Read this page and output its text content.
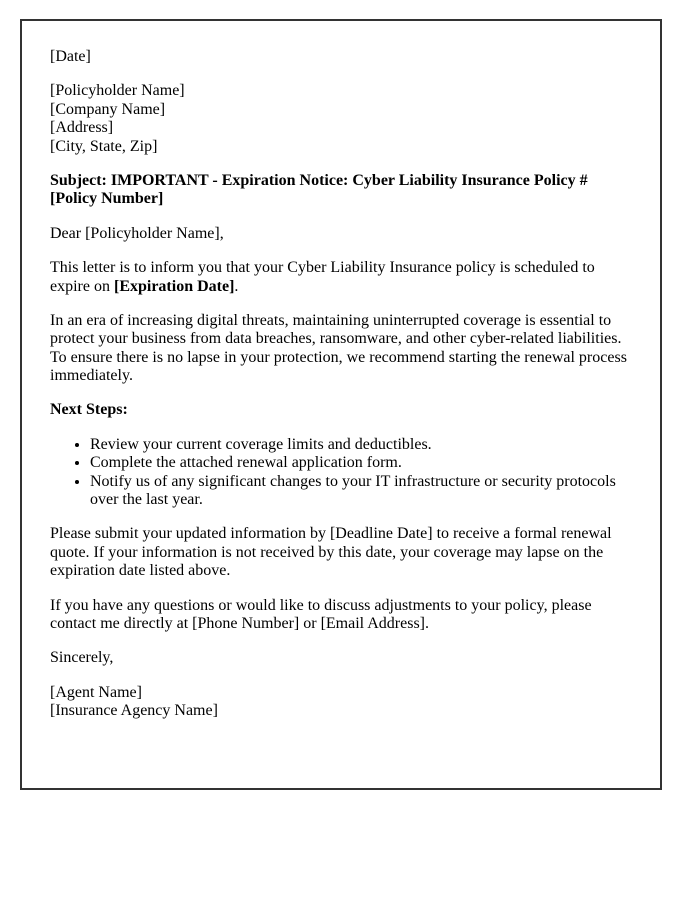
[Date]

[Policyholder Name]
[Company Name]
[Address]
[City, State, Zip]

Subject: IMPORTANT - Expiration Notice: Cyber Liability Insurance Policy # [Policy Number]

Dear [Policyholder Name],

This letter is to inform you that your Cyber Liability Insurance policy is scheduled to expire on [Expiration Date].

In an era of increasing digital threats, maintaining uninterrupted coverage is essential to protect your business from data breaches, ransomware, and other cyber-related liabilities. To ensure there is no lapse in your protection, we recommend starting the renewal process immediately.

Next Steps:

• Review your current coverage limits and deductibles.
• Complete the attached renewal application form.
• Notify us of any significant changes to your IT infrastructure or security protocols over the last year.

Please submit your updated information by [Deadline Date] to receive a formal renewal quote. If your information is not received by this date, your coverage may lapse on the expiration date listed above.

If you have any questions or would like to discuss adjustments to your policy, please contact me directly at [Phone Number] or [Email Address].

Sincerely,

[Agent Name]
[Insurance Agency Name]
